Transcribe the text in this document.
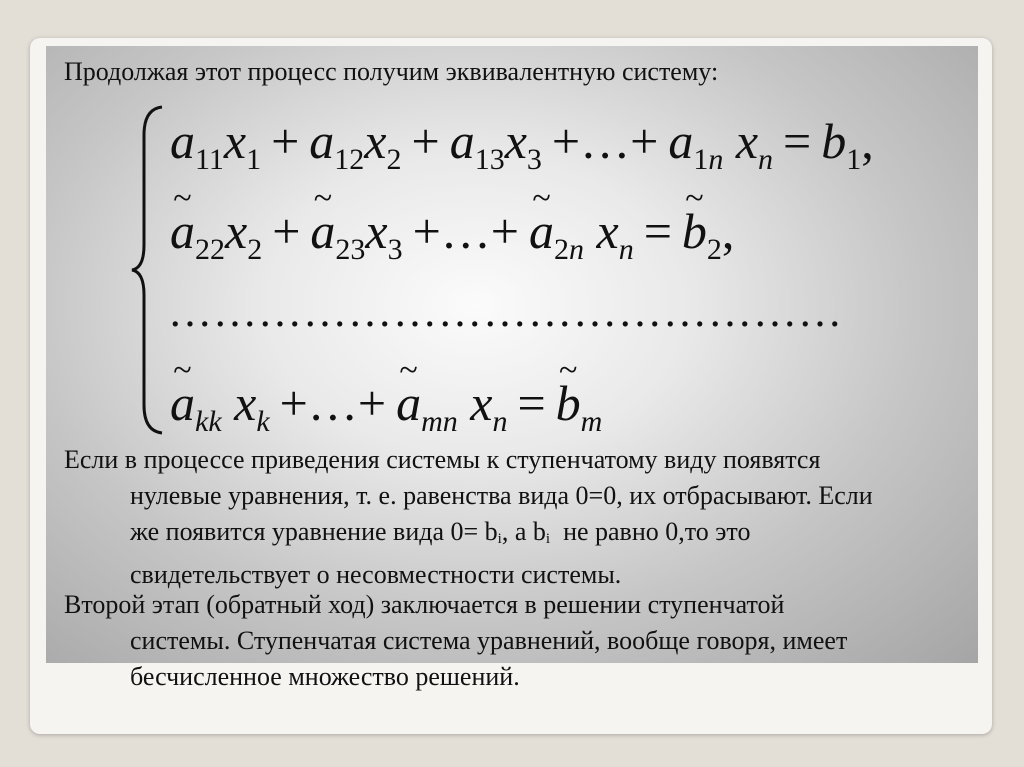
Продолжая этот процесс получим эквивалентную систему:
a11x1 + a12x2 + a13x3 +…+ a1n xn = b1,
~ a22x2 + ~ a23x3 +…+ ~ a2n xn = ~ b2,
………………………………………
~ akk xk +…+ ~ amn xn = ~ bm
Если в процессе приведения системы к ступенчатому виду появятся
нулевые уравнения, т. е. равенства вида 0=0, их отбрасывают. Если
же появится уравнение вида $0= b_i$, а $b_i$  не равно 0,то это
свидетельствует о несовместности системы.
Второй этап (обратный ход) заключается в решении ступенчатой
системы. Ступенчатая система уравнений, вообще говоря, имеет
бесчисленное множество решений.
